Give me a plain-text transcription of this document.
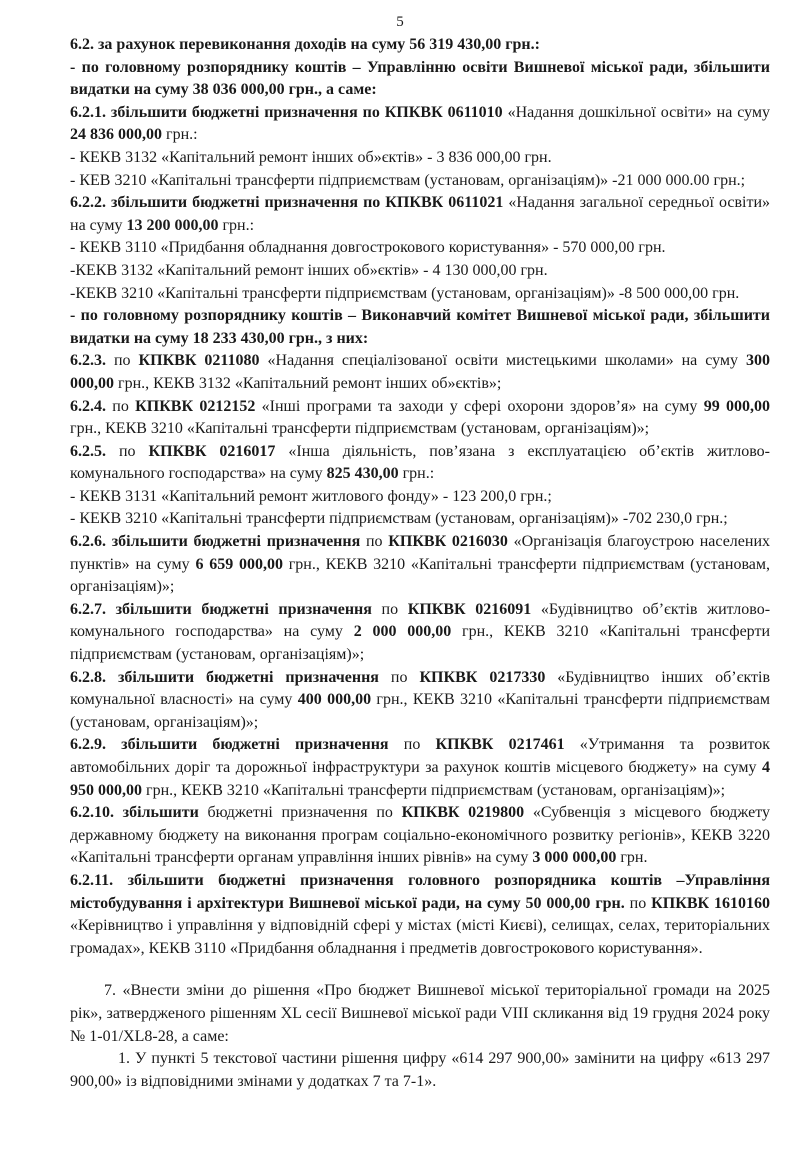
5

6.2. за рахунок перевиконання доходів на суму 56 319 430,00 грн.:

- по головному розпоряднику коштів – Управлінню освіти Вишневої міської ради, збільшити видатки на суму 38 036 000,00 грн., а саме:

6.2.1. збільшити бюджетні призначення по КПКВК 0611010 «Надання дошкільної освіти» на суму 24 836 000,00 грн.:

- КЕКВ 3132 «Капітальний ремонт інших об»єктів» - 3 836 000,00 грн.

- КЕВ 3210 «Капітальні трансферти підприємствам (установам, організаціям)» -21 000 000.00 грн.;

6.2.2. збільшити бюджетні призначення по КПКВК 0611021 «Надання загальної середньої освіти» на суму 13 200 000,00 грн.:

- КЕКВ 3110 «Придбання обладнання довгострокового користування» - 570 000,00 грн.

-КЕКВ 3132 «Капітальний ремонт інших об»єктів» - 4 130 000,00 грн.

-КЕКВ 3210 «Капітальні трансферти підприємствам (установам, організаціям)» -8 500 000,00 грн.

- по головному розпоряднику коштів – Виконавчий комітет Вишневої міської ради, збільшити видатки на суму 18 233 430,00 грн., з них:

6.2.3. по КПКВК 0211080 «Надання спеціалізованої освіти мистецькими школами» на суму 300 000,00 грн., КЕКВ 3132 «Капітальний ремонт інших об»єктів»;

6.2.4. по КПКВК 0212152 «Інші програми та заходи у сфері охорони здоров’я» на суму 99 000,00 грн., КЕКВ 3210 «Капітальні трансферти підприємствам (установам, організаціям)»;

6.2.5. по КПКВК 0216017 «Інша діяльність, пов’язана з експлуатацією об’єктів житлово-комунального господарства» на суму 825 430,00 грн.:

- КЕКВ 3131 «Капітальний ремонт житлового фонду» - 123 200,0 грн.;

- КЕКВ 3210 «Капітальні трансферти підприємствам (установам, організаціям)» -702 230,0 грн.;

6.2.6. збільшити бюджетні призначення по КПКВК 0216030 «Організація благоустрою населених пунктів» на суму 6 659 000,00 грн., КЕКВ 3210 «Капітальні трансферти підприємствам (установам, організаціям)»;

6.2.7. збільшити бюджетні призначення по КПКВК 0216091 «Будівництво об’єктів житлово-комунального господарства» на суму 2 000 000,00 грн., КЕКВ 3210 «Капітальні трансферти підприємствам (установам, організаціям)»;

6.2.8. збільшити бюджетні призначення по КПКВК 0217330 «Будівництво інших об’єктів комунальної власності» на суму 400 000,00 грн., КЕКВ 3210 «Капітальні трансферти підприємствам (установам, організаціям)»;

6.2.9. збільшити бюджетні призначення по КПКВК 0217461 «Утримання та розвиток автомобільних доріг та дорожньої інфраструктури за рахунок коштів місцевого бюджету» на суму 4 950 000,00 грн., КЕКВ 3210 «Капітальні трансферти підприємствам (установам, організаціям)»;

6.2.10. збільшити бюджетні призначення по КПКВК 0219800 «Субвенція з місцевого бюджету державному бюджету на виконання програм соціально-економічного розвитку регіонів», КЕКВ 3220 «Капітальні трансферти органам управління інших рівнів» на суму 3 000 000,00 грн.

6.2.11. збільшити бюджетні призначення головного розпорядника коштів –Управління містобудування і архітектури Вишневої міської ради, на суму 50 000,00 грн. по КПКВК 1610160 «Керівництво і управління у відповідній сфері у містах (місті Києві), селищах, селах, територіальних громадах», КЕКВ 3110 «Придбання обладнання і предметів довгострокового користування».

7. «Внести зміни до рішення «Про бюджет Вишневої міської територіальної громади на 2025 рік», затвердженого рішенням XL сесії Вишневої міської ради VIII скликання від 19 грудня 2024 року № 1-01/XL8-28, а саме:

1. У пункті 5 текстової частини рішення цифру «614 297 900,00» замінити на цифру «613 297 900,00» із відповідними змінами у додатках 7 та 7-1».
